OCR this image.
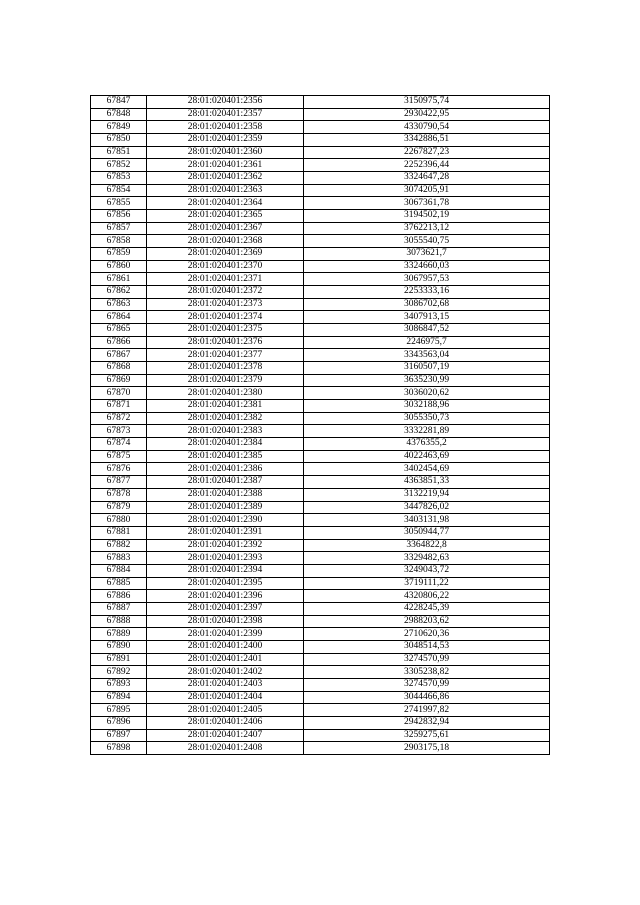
67847	28:01:020401:2356	3150975,74
67848	28:01:020401:2357	2930422,95
67849	28:01:020401:2358	4330790,54
67850	28:01:020401:2359	3342886,51
67851	28:01:020401:2360	2267827,23
67852	28:01:020401:2361	2252396,44
67853	28:01:020401:2362	3324647,28
67854	28:01:020401:2363	3074205,91
67855	28:01:020401:2364	3067361,78
67856	28:01:020401:2365	3194502,19
67857	28:01:020401:2367	3762213,12
67858	28:01:020401:2368	3055540,75
67859	28:01:020401:2369	3073621,7
67860	28:01:020401:2370	3324660,03
67861	28:01:020401:2371	3067957,53
67862	28:01:020401:2372	2253333,16
67863	28:01:020401:2373	3086702,68
67864	28:01:020401:2374	3407913,15
67865	28:01:020401:2375	3086847,52
67866	28:01:020401:2376	2246975,7
67867	28:01:020401:2377	3343563,04
67868	28:01:020401:2378	3160507,19
67869	28:01:020401:2379	3635230,99
67870	28:01:020401:2380	3036020,62
67871	28:01:020401:2381	3032188,96
67872	28:01:020401:2382	3055350,73
67873	28:01:020401:2383	3332281,89
67874	28:01:020401:2384	4376355,2
67875	28:01:020401:2385	4022463,69
67876	28:01:020401:2386	3402454,69
67877	28:01:020401:2387	4363851,33
67878	28:01:020401:2388	3132219,94
67879	28:01:020401:2389	3447826,02
67880	28:01:020401:2390	3403131,98
67881	28:01:020401:2391	3050944,77
67882	28:01:020401:2392	3364822,8
67883	28:01:020401:2393	3329482,63
67884	28:01:020401:2394	3249043,72
67885	28:01:020401:2395	3719111,22
67886	28:01:020401:2396	4320806,22
67887	28:01:020401:2397	4228245,39
67888	28:01:020401:2398	2988203,62
67889	28:01:020401:2399	2710620,36
67890	28:01:020401:2400	3048514,53
67891	28:01:020401:2401	3274570,99
67892	28:01:020401:2402	3305238,82
67893	28:01:020401:2403	3274570,99
67894	28:01:020401:2404	3044466,86
67895	28:01:020401:2405	2741997,82
67896	28:01:020401:2406	2942832,94
67897	28:01:020401:2407	3259275,61
67898	28:01:020401:2408	2903175,18
